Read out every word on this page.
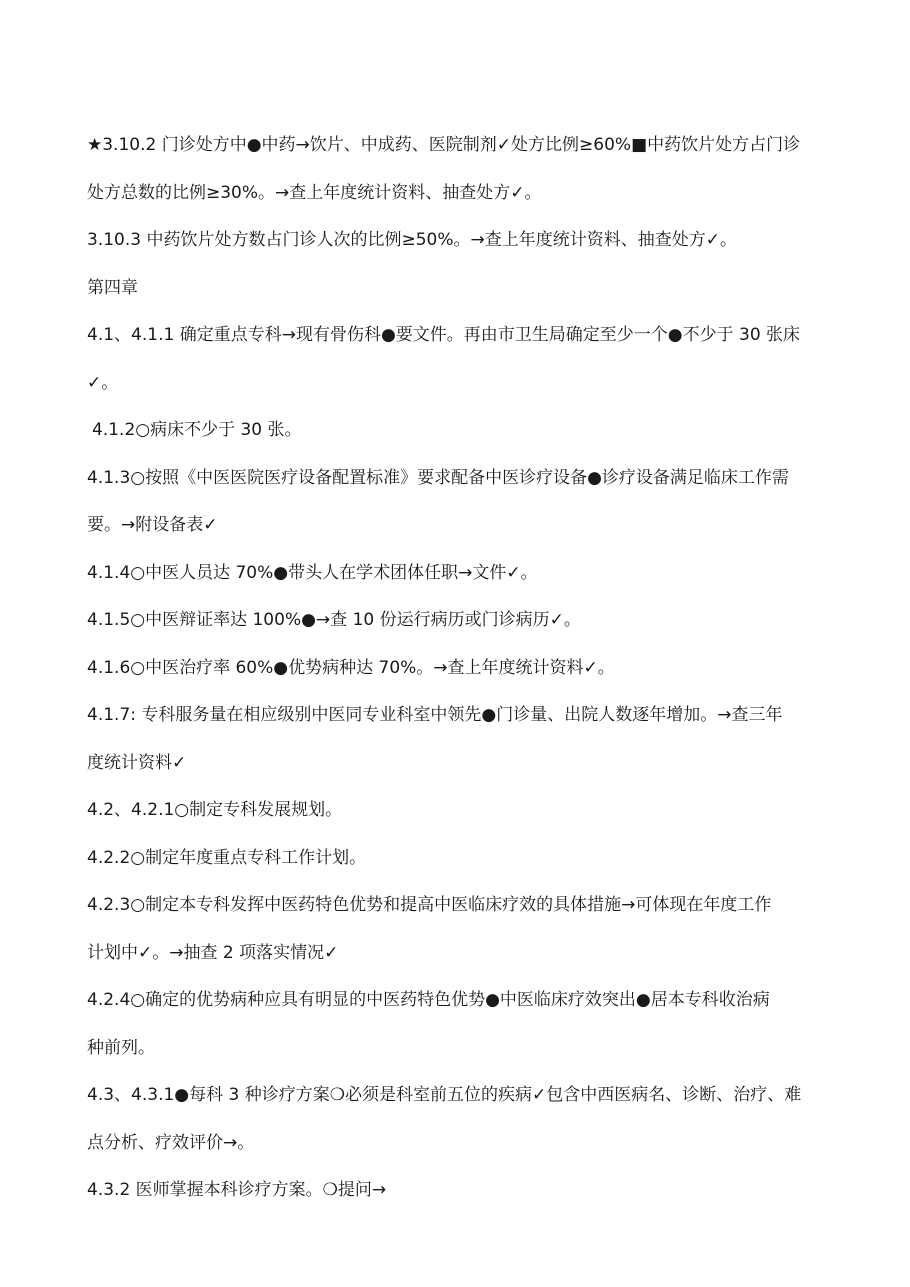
★3.10.2 门诊处方中●中药→饮片、中成药、医院制剂✓处方比例≥60%■中药饮片处方占门诊
处方总数的比例≥30%。→查上年度统计资料、抽查处方✓。
3.10.3 中药饮片处方数占门诊人次的比例≥50%。→查上年度统计资料、抽查处方✓。
第四章
4.1、4.1.1 确定重点专科→现有骨伤科●要文件。再由市卫生局确定至少一个●不少于 30 张床
✓。
4.1.2○病床不少于 30 张。
4.1.3○按照《中医医院医疗设备配置标准》要求配备中医诊疗设备●诊疗设备满足临床工作需
要。→附设备表✓
4.1.4○中医人员达 70%●带头人在学术团体任职→文件✓。
4.1.5○中医辩证率达 100%●→查 10 份运行病历或门诊病历✓。
4.1.6○中医治疗率 60%●优势病种达 70%。→查上年度统计资料✓。
4.1.7: 专科服务量在相应级别中医同专业科室中领先●门诊量、出院人数逐年增加。→查三年
度统计资料✓
4.2、4.2.1○制定专科发展规划。
4.2.2○制定年度重点专科工作计划。
4.2.3○制定本专科发挥中医药特色优势和提高中医临床疗效的具体措施→可体现在年度工作
计划中✓。→抽查 2 项落实情况✓
4.2.4○确定的优势病种应具有明显的中医药特色优势●中医临床疗效突出●居本专科收治病
种前列。
4.3、4.3.1●每科 3 种诊疗方案❍必须是科室前五位的疾病✓包含中西医病名、诊断、治疗、难
点分析、疗效评价→。
4.3.2 医师掌握本科诊疗方案。❍提问→
